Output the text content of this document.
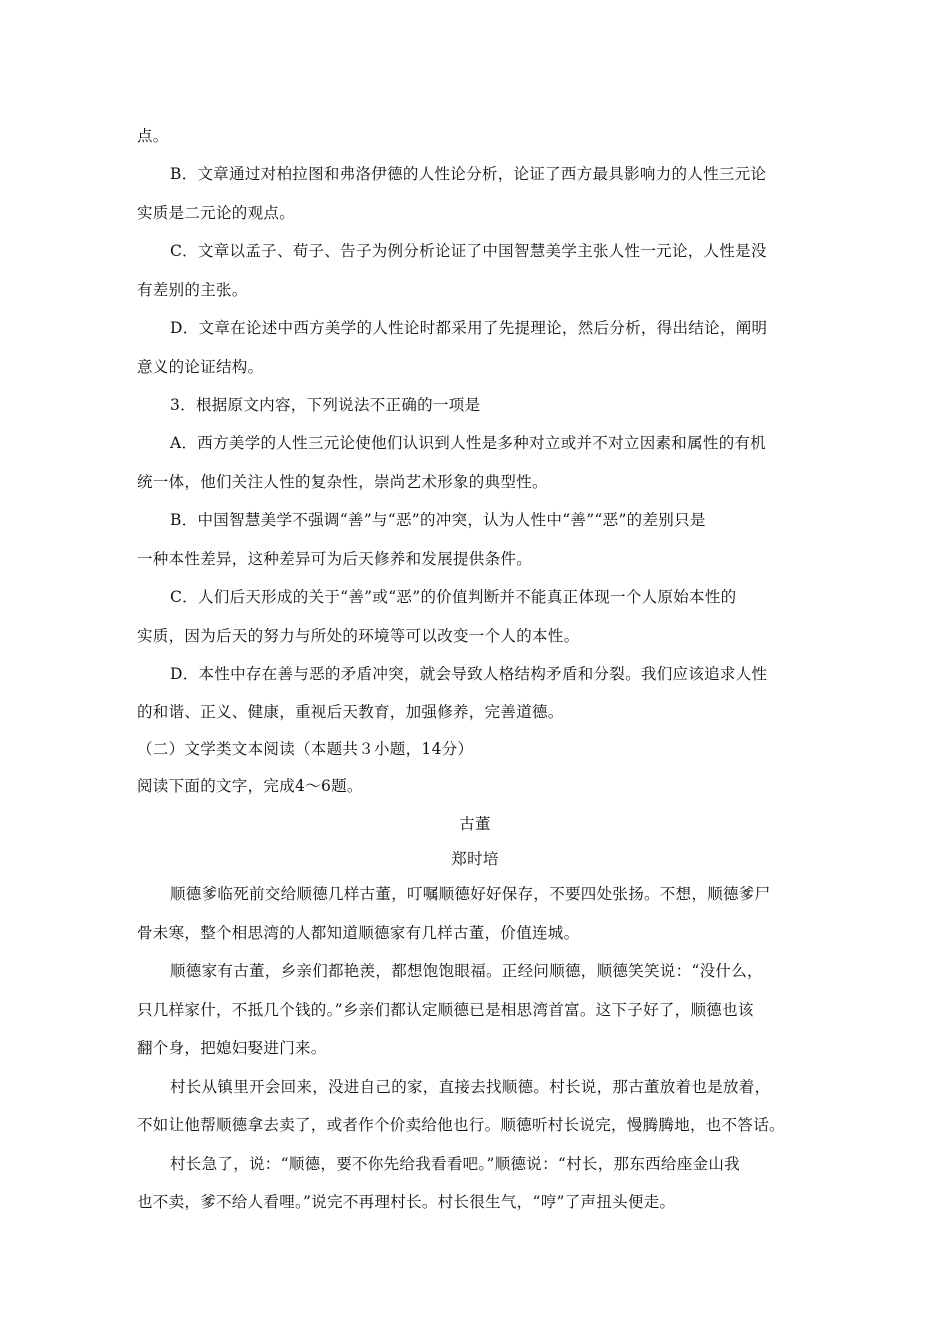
点。
B．文章通过对柏拉图和弗洛伊德的人性论分析，论证了西方最具影响力的人性三元论
实质是二元论的观点。
C．文章以孟子、荀子、告子为例分析论证了中国智慧美学主张人性一元论，人性是没
有差别的主张。
D．文章在论述中西方美学的人性论时都采用了先提理论，然后分析，得出结论，阐明
意义的论证结构。
3．根据原文内容，下列说法不正确的一项是
A．西方美学的人性三元论使他们认识到人性是多种对立或并不对立因素和属性的有机
统一体，他们关注人性的复杂性，崇尚艺术形象的典型性。
B．中国智慧美学不强调“善”与“恶”的冲突，认为人性中“善”“恶”的差别只是
一种本性差异，这种差异可为后天修养和发展提供条件。
C．人们后天形成的关于“善”或“恶”的价值判断并不能真正体现一个人原始本性的
实质，因为后天的努力与所处的环境等可以改变一个人的本性。
D．本性中存在善与恶的矛盾冲突，就会导致人格结构矛盾和分裂。我们应该追求人性
的和谐、正义、健康，重视后天教育，加强修养，完善道德。
（二）文学类文本阅读（本题共３小题，14分）
阅读下面的文字，完成4～6题。
古董
郑时培
顺德爹临死前交给顺德几样古董，叮嘱顺德好好保存，不要四处张扬。不想，顺德爹尸
骨未寒，整个相思湾的人都知道顺德家有几样古董，价值连城。
顺德家有古董，乡亲们都艳羡，都想饱饱眼福。正经问顺德，顺德笑笑说：“没什么，
只几样家什，不抵几个钱的。”乡亲们都认定顺德已是相思湾首富。这下子好了，顺德也该
翻个身，把媳妇娶进门来。
村长从镇里开会回来，没进自己的家，直接去找顺德。村长说，那古董放着也是放着，
不如让他帮顺德拿去卖了，或者作个价卖给他也行。顺德听村长说完，慢腾腾地，也不答话。
村长急了，说：“顺德，要不你先给我看看吧。”顺德说：“村长，那东西给座金山我
也不卖，爹不给人看哩。”说完不再理村长。村长很生气，“哼”了声扭头便走。
